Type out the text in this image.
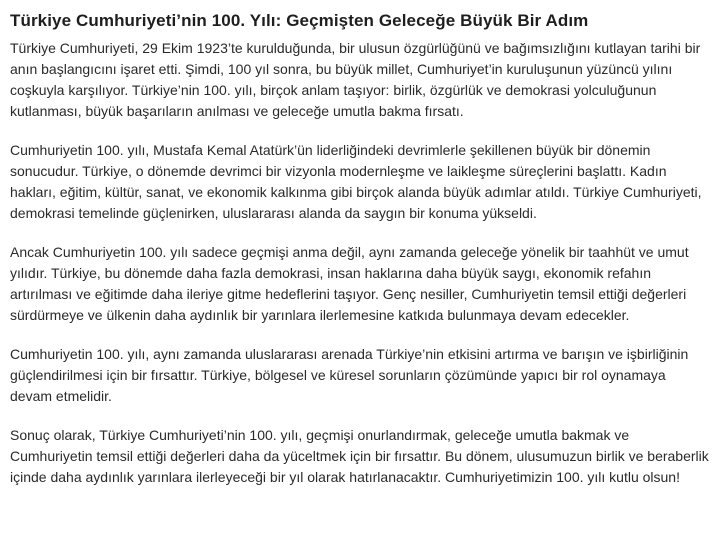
Türkiye Cumhuriyeti’nin 100. Yılı: Geçmişten Geleceğe Büyük Bir Adım

Türkiye Cumhuriyeti, 29 Ekim 1923’te kurulduğunda, bir ulusun özgürlüğünü ve bağımsızlığını kutlayan tarihi bir anın başlangıcını işaret etti. Şimdi, 100 yıl sonra, bu büyük millet, Cumhuriyet’in kuruluşunun yüzüncü yılını coşkuyla karşılıyor. Türkiye’nin 100. yılı, birçok anlam taşıyor: birlik, özgürlük ve demokrasi yolculuğunun kutlanması, büyük başarıların anılması ve geleceğe umutla bakma fırsatı.

Cumhuriyetin 100. yılı, Mustafa Kemal Atatürk’ün liderliğindeki devrimlerle şekillenen büyük bir dönemin sonucudur. Türkiye, o dönemde devrimci bir vizyonla modernleşme ve laikleşme süreçlerini başlattı. Kadın hakları, eğitim, kültür, sanat, ve ekonomik kalkınma gibi birçok alanda büyük adımlar atıldı. Türkiye Cumhuriyeti, demokrasi temelinde güçlenirken, uluslararası alanda da saygın bir konuma yükseldi.

Ancak Cumhuriyetin 100. yılı sadece geçmişi anma değil, aynı zamanda geleceğe yönelik bir taahhüt ve umut yılıdır. Türkiye, bu dönemde daha fazla demokrasi, insan haklarına daha büyük saygı, ekonomik refahın artırılması ve eğitimde daha ileriye gitme hedeflerini taşıyor. Genç nesiller, Cumhuriyetin temsil ettiği değerleri sürdürmeye ve ülkenin daha aydınlık bir yarınlara ilerlemesine katkıda bulunmaya devam edecekler.

Cumhuriyetin 100. yılı, aynı zamanda uluslararası arenada Türkiye’nin etkisini artırma ve barışın ve işbirliğinin güçlendirilmesi için bir fırsattır. Türkiye, bölgesel ve küresel sorunların çözümünde yapıcı bir rol oynamaya devam etmelidir.

Sonuç olarak, Türkiye Cumhuriyeti’nin 100. yılı, geçmişi onurlandırmak, geleceğe umutla bakmak ve Cumhuriyetin temsil ettiği değerleri daha da yüceltmek için bir fırsattır. Bu dönem, ulusumuzun birlik ve beraberlik içinde daha aydınlık yarınlara ilerleyeceği bir yıl olarak hatırlanacaktır. Cumhuriyetimizin 100. yılı kutlu olsun!
